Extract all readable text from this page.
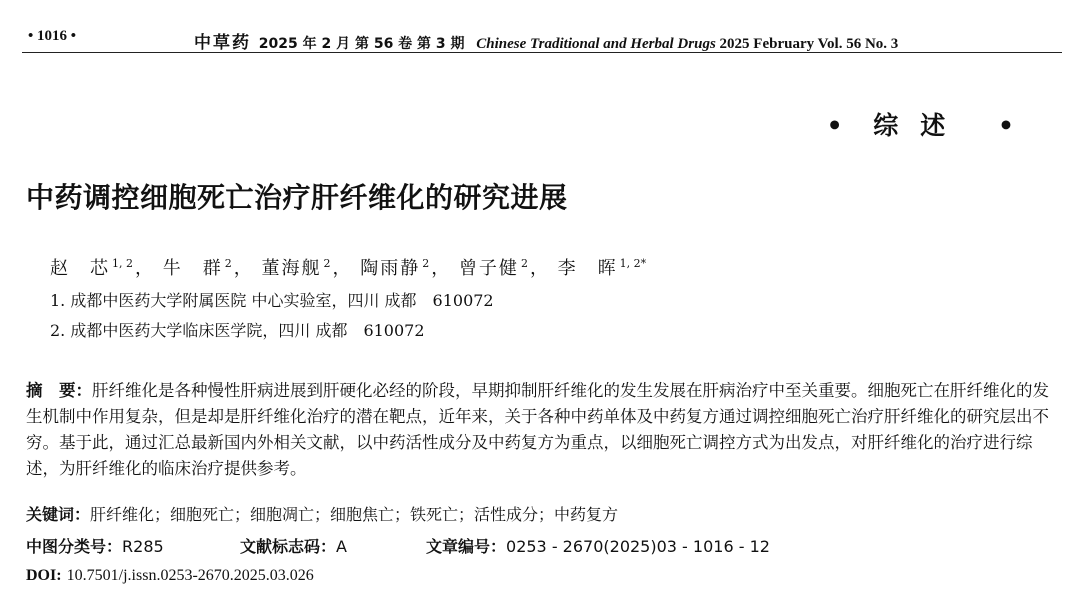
• 1016 •	中草药 2025 年 2 月 第 56 卷 第 3 期 Chinese Traditional and Herbal Drugs 2025 February Vol. 56 No. 3
• 综述 •
中药调控细胞死亡治疗肝纤维化的研究进展
赵　芯 $^{1, 2}$ ， 牛　群 $^2$ ， 董海舰 $^2$ ， 陶雨静 $^2$ ， 曾子健 $^2$ ， 李　晖 $^{1, 2*}$
1. 成都中医药大学附属医院 中心实验室，四川 成都　610072
2. 成都中医药大学临床医学院，四川 成都　610072
摘　要：肝纤维化是各种慢性肝病进展到肝硬化必经的阶段，早期抑制肝纤维化的发生发展在肝病治疗中至关重要。细胞死亡在肝纤维化的发生机制中作用复杂，但是却是肝纤维化治疗的潜在靶点，近年来，关于各种中药单体及中药复方通过调控细胞死亡治疗肝纤维化的研究层出不穷。基于此，通过汇总最新国内外相关文献，以中药活性成分及中药复方为重点，以细胞死亡调控方式为出发点，对肝纤维化的治疗进行综述，为肝纤维化的临床治疗提供参考。
关键词：肝纤维化；细胞死亡；细胞凋亡；细胞焦亡；铁死亡；活性成分；中药复方
中图分类号：R285	文献标志码：A	文章编号：0253 - 2670(2025)03 - 1016 - 12
DOI: 10.7501/j.issn.0253-2670.2025.03.026
